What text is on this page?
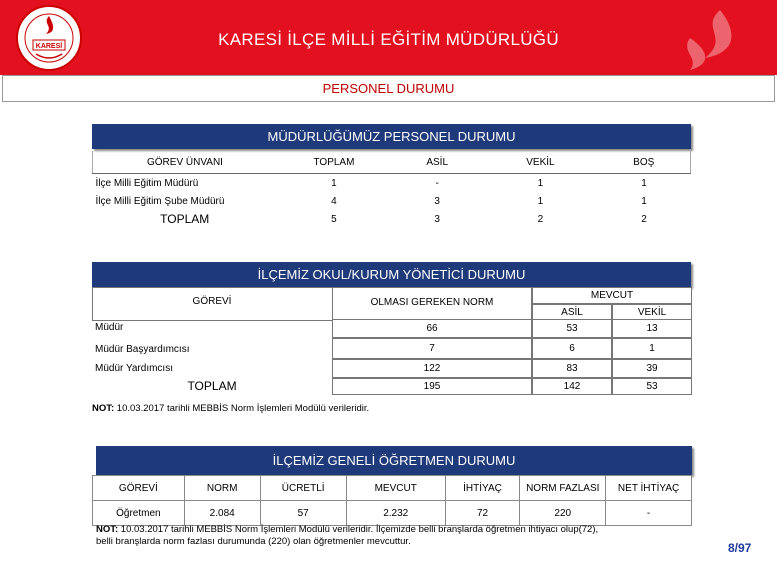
KARESİ	KARESİ İLÇE MİLLİ EĞİTİM MÜDÜRLÜĞÜ
PERSONEL DURUMU
MÜDÜRLÜĞÜMÜZ PERSONEL DURUMU
GÖREV ÜNVANI	TOPLAM	ASİL	VEKİL	BOŞ
İlçe Milli Eğitim Müdürü	1	-	1	1
İlçe Milli Eğitim Şube Müdürü	4	3	1	1
TOPLAM	5	3	2	2
İLÇEMİZ OKUL/KURUM YÖNETİCİ DURUMU
GÖREVİ	OLMASI GEREKEN NORM
MEVCUT
ASİL	VEKİL
Müdür	66	53	13
Müdür Başyardımcısı	7	6	1
Müdür Yardımcısı	122	83	39
TOPLAM	195	142	53
NOT: 10.03.2017 tarihli MEBBİS Norm İşlemleri Modülü verileridir.
İLÇEMİZ GENELİ ÖĞRETMEN DURUMU
GÖREVİ	NORM	ÜCRETLİ	MEVCUT	İHTİYAÇ	NORM FAZLASI	NET İHTİYAÇ
Öğretmen	2.084	57	2.232	72	220	-
NOT: 10.03.2017 tarihli MEBBİS Norm İşlemleri Modülü verileridir. İlçemizde belli branşlarda öğretmen ihtiyacı olup(72),
belli branşlarda norm fazlası durumunda (220) olan öğretmenler mevcuttur.	8/97
